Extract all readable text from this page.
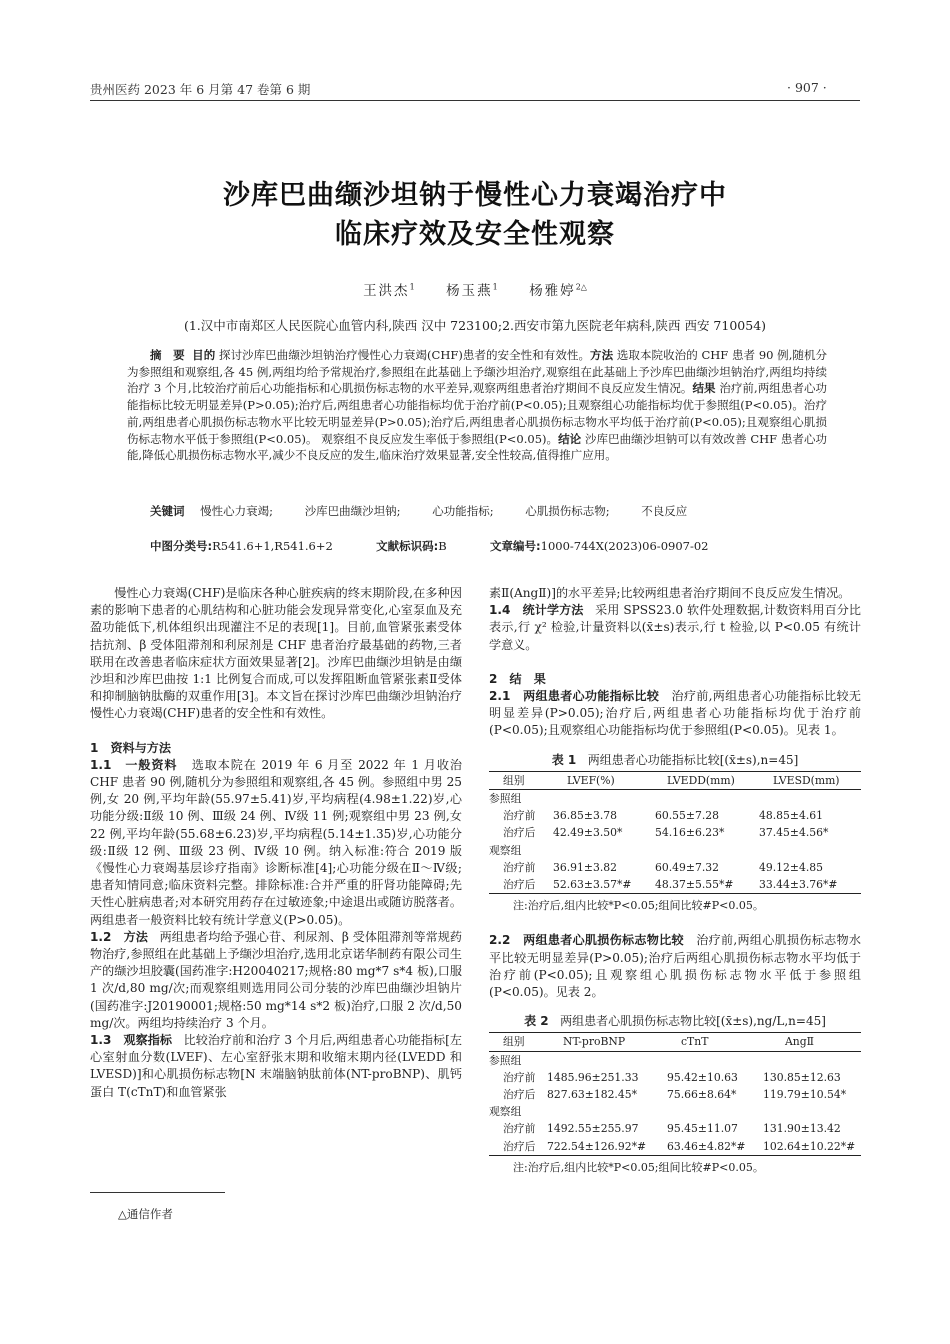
贵州医药 2023 年 6 月第 47 卷第 6 期	· 907 ·
沙库巴曲缬沙坦钠于慢性心力衰竭治疗中
临床疗效及安全性观察
王洪杰$^1$ 杨玉燕$^1$ 杨雅婷$^{2\triangle}$
(1.汉中市南郑区人民医院心血管内科,陕西 汉中 723100;2.西安市第九医院老年病科,陕西 西安 710054)
摘　要 目的 探讨沙库巴曲缬沙坦钠治疗慢性心力衰竭(CHF)患者的安全性和有效性。方法 选取本院收治的 CHF 患者 90 例,随机分为参照组和观察组,各 45 例,两组均给予常规治疗,参照组在此基础上予缬沙坦治疗,观察组在此基础上予沙库巴曲缬沙坦钠治疗,两组均持续治疗 3 个月,比较治疗前后心功能指标和心肌损伤标志物的水平差异,观察两组患者治疗期间不良反应发生情况。结果 治疗前,两组患者心功能指标比较无明显差异(P>0.05);治疗后,两组患者心功能指标均优于治疗前(P<0.05);且观察组心功能指标均优于参照组(P<0.05)。治疗前,两组患者心肌损伤标志物水平比较无明显差异(P>0.05);治疗后,两组患者心肌损伤标志物水平均低于治疗前(P<0.05);且观察组心肌损伤标志物水平低于参照组(P<0.05)。 观察组不良反应发生率低于参照组(P<0.05)。结论 沙库巴曲缬沙坦钠可以有效改善 CHF 患者心功能,降低心肌损伤标志物水平,减少不良反应的发生,临床治疗效果显著,安全性较高,值得推广应用。
关键词 慢性心力衰竭;	沙库巴曲缬沙坦钠;	心功能指标;	心肌损伤标志物;	不良反应
中图分类号:R541.6+1,R541.6+2	文献标识码:B	文章编号:1000-744X(2023)06-0907-02

慢性心力衰竭(CHF)是临床各种心脏疾病的终末期阶段,在多种因素的影响下患者的心肌结构和心脏功能会发现异常变化,心室泵血及充盈功能低下,机体组织出现灌注不足的表现[1]。目前,血管紧张素受体拮抗剂、β 受体阻滞剂和利尿剂是 CHF 患者治疗最基础的药物,三者联用在改善患者临床症状方面效果显著[2]。沙库巴曲缬沙坦钠是由缬沙坦和沙库巴曲按 1:1 比例复合而成,可以发挥阻断血管紧张素Ⅱ受体和抑制脑钠肽酶的双重作用[3]。本文旨在探讨沙库巴曲缬沙坦钠治疗慢性心力衰竭(CHF)患者的安全性和有效性。

1　资料与方法

1.1　一般资料 选取本院在 2019 年 6 月至 2022 年 1 月收治 CHF 患者 90 例,随机分为参照组和观察组,各 45 例。参照组中男 25 例,女 20 例,平均年龄(55.97±5.41)岁,平均病程(4.98±1.22)岁,心功能分级:Ⅱ级 10 例、Ⅲ级 24 例、Ⅳ级 11 例;观察组中男 23 例,女 22 例,平均年龄(55.68±6.23)岁,平均病程(5.14±1.35)岁,心功能分级:Ⅱ级 12 例、Ⅲ级 23 例、Ⅳ级 10 例。纳入标准:符合 2019 版《慢性心力衰竭基层诊疗指南》诊断标准[4];心功能分级在Ⅱ～Ⅳ级;患者知情同意;临床资料完整。排除标准:合并严重的肝肾功能障碍;先天性心脏病患者;对本研究用药存在过敏迹象;中途退出或随访脱落者。两组患者一般资料比较有统计学意义(P>0.05)。

1.2　方法 两组患者均给予强心苷、利尿剂、β 受体阻滞剂等常规药物治疗,参照组在此基础上予缬沙坦治疗,选用北京诺华制药有限公司生产的缬沙坦胶囊(国药准字:H20040217;规格:80 mg*7 s*4 板),口服 1 次/d,80 mg/次;而观察组则选用同公司分装的沙库巴曲缬沙坦钠片(国药准字:J20190001;规格:50 mg*14 s*2 板)治疗,口服 2 次/d,50 mg/次。两组均持续治疗 3 个月。

1.3　观察指标 比较治疗前和治疗 3 个月后,两组患者心功能指标[左心室射血分数(LVEF)、左心室舒张末期和收缩末期内径(LVEDD 和 LVESD)]和心肌损伤标志物[N 末端脑钠肽前体(NT-proBNP)、肌钙蛋白 T(cTnT)和血管紧张

△通信作者

素Ⅱ(AngⅡ)]的水平差异;比较两组患者治疗期间不良反应发生情况。

1.4　统计学方法 采用 SPSS23.0 软件处理数据,计数资料用百分比表示,行 χ² 检验,计量资料以(x̄±s)表示,行 t 检验,以 P<0.05 有统计学意义。

2　结　果

2.1　两组患者心功能指标比较 治疗前,两组患者心功能指标比较无明显差异(P>0.05);治疗后,两组患者心功能指标均优于治疗前(P<0.05);且观察组心功能指标均优于参照组(P<0.05)。见表 1。

表 1 两组患者心功能指标比较[(x̄±s),n=45]
组别	LVEF(%)	LVEDD(mm)	LVESD(mm)
参照组			
治疗前	36.85±3.78	60.55±7.28	48.85±4.61
治疗后	42.49±3.50*	54.16±6.23*	37.45±4.56*
观察组			
治疗前	36.91±3.82	60.49±7.32	49.12±4.85
治疗后	52.63±3.57*#	48.37±5.55*#	33.44±3.76*#
注:治疗后,组内比较*P<0.05;组间比较#P<0.05。

2.2　两组患者心肌损伤标志物比较 治疗前,两组心肌损伤标志物水平比较无明显差异(P>0.05);治疗后两组心肌损伤标志物水平均低于治疗前(P<0.05);且观察组心肌损伤标志物水平低于参照组(P<0.05)。见表 2。

表 2 两组患者心肌损伤标志物比较[(x̄±s),ng/L,n=45]
组别	NT-proBNP	cTnT	AngⅡ
参照组			
治疗前	1485.96±251.33	95.42±10.63	130.85±12.63
治疗后	827.63±182.45*	75.66±8.64*	119.79±10.54*
观察组			
治疗前	1492.55±255.97	95.45±11.07	131.90±13.42
治疗后	722.54±126.92*#	63.46±4.82*#	102.64±10.22*#
注:治疗后,组内比较*P<0.05;组间比较#P<0.05。
